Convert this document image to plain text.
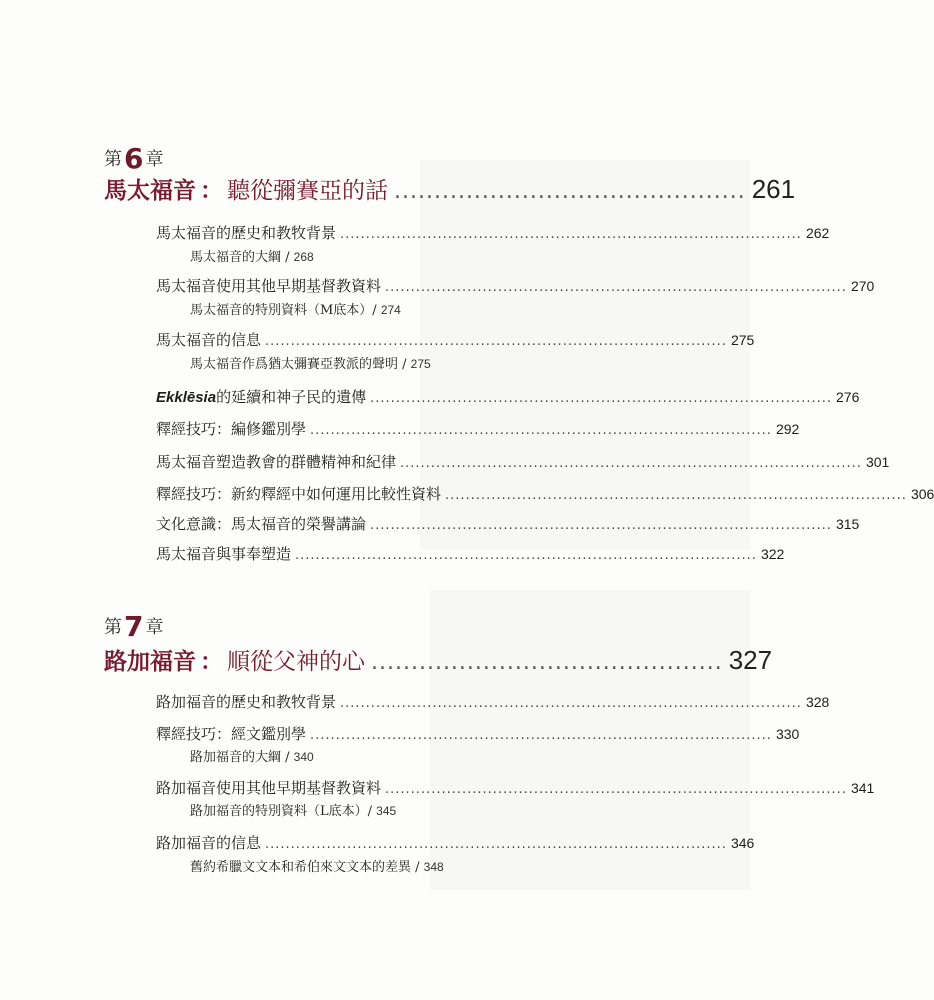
第6 章
馬太福音 ： 聽從彌賽亞的話 ............................................ 261
馬太福音的歷史和教牧背景 .......................................................................................... 262
馬太福音的大綱 / 268
馬太福音使用其他早期基督教資料 .......................................................................................... 270
馬太福音的特別資料（M底本）/ 274
馬太福音的信息 .......................................................................................... 275
馬太福音作爲猶太彌賽亞教派的聲明 / 275
Ekklēsia的延續和神子民的遺傳 .......................................................................................... 276
釋經技巧：編修鑑別學 .......................................................................................... 292
馬太福音塑造教會的群體精神和紀律 .......................................................................................... 301
釋經技巧：新約釋經中如何運用比較性資料 .......................................................................................... 306
文化意識：馬太福音的榮譽講論 .......................................................................................... 315
馬太福音與事奉塑造 .......................................................................................... 322
第7 章
路加福音 ： 順從父神的心 ............................................ 327
路加福音的歷史和教牧背景 .......................................................................................... 328
釋經技巧：經文鑑別學 .......................................................................................... 330
路加福音的大綱 / 340
路加福音使用其他早期基督教資料 .......................................................................................... 341
路加福音的特別資料（L底本）/ 345
路加福音的信息 .......................................................................................... 346
舊約希臘文文本和希伯來文文本的差異 / 348
